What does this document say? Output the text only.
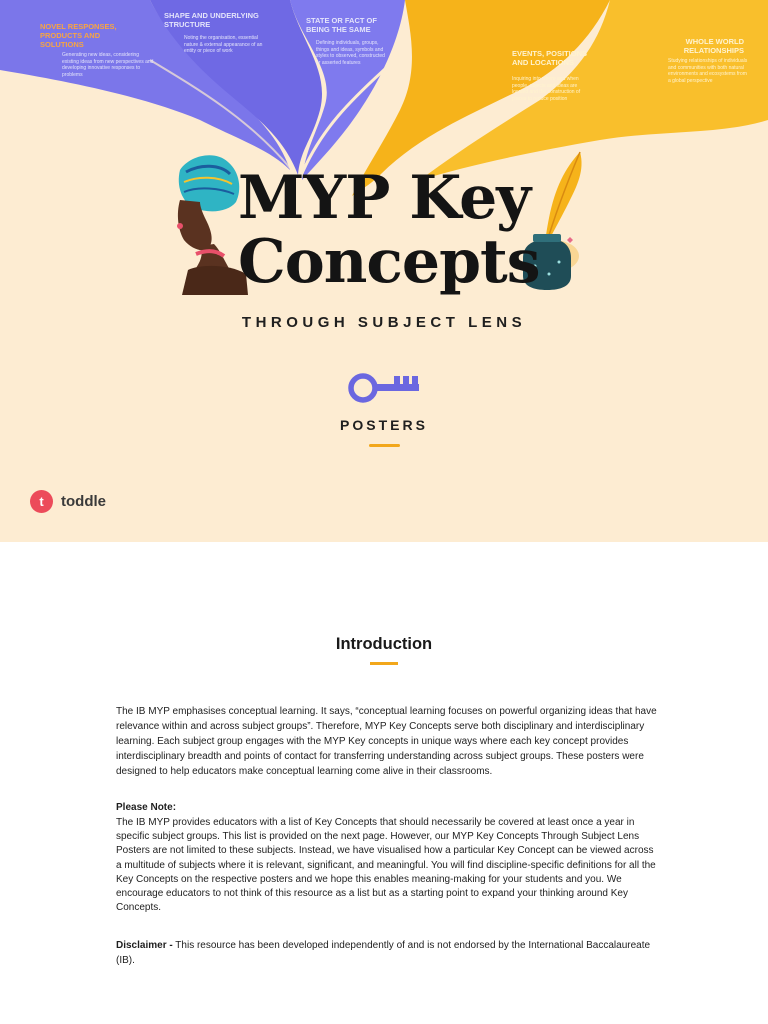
NOVEL RESPONSES, PRODUCTS AND SOLUTIONS
Generating new ideas, considering existing ideas from new perspectives and developing innovative responses to problems
SHAPE AND UNDERLYING STRUCTURE
Noting the organisation, essential nature & external appearance of an entity or piece of work
STATE OR FACT OF BEING THE SAME
Defining individuals, groups, things and ideas, symbols and styles to observed, constructed or asserted features
EVENTS, POSITIONS AND LOCATIONS
Inquiring into where and when people, objects and ideas are located and the construction of places to reduce position
WHOLE WORLD RELATIONSHIPS
Studying relationships of individuals and communities with both natural environments and ecosystems from a global perspective
MYP Key
Concepts
THROUGH SUBJECT LENS
POSTERS
t	toddle
Introduction

The IB MYP emphasises conceptual learning. It says, “conceptual learning focuses on powerful organizing ideas that have relevance within and across subject groups”. Therefore, MYP Key Concepts serve both disciplinary and interdisciplinary learning. Each subject group engages with the MYP Key concepts in unique ways where each key concept provides interdisciplinary breadth and points of contact for transferring understanding across subject groups. These posters were designed to help educators make conceptual learning come alive in their classrooms.

Please Note:

The IB MYP provides educators with a list of Key Concepts that should necessarily be covered at least once a year in specific subject groups. This list is provided on the next page. However, our MYP Key Concepts Through Subject Lens Posters are not limited to these subjects. Instead, we have visualised how a particular Key Concept can be viewed across a multitude of subjects where it is relevant, significant, and meaningful. You will find discipline-specific definitions for all the Key Concepts on the respective posters and we hope this enables meaning-making for your students and you. We encourage educators to not think of this resource as a list but as a starting point to expand your thinking around Key Concepts.

Disclaimer - This resource has been developed independently of and is not endorsed by the International Baccalaureate (IB).
